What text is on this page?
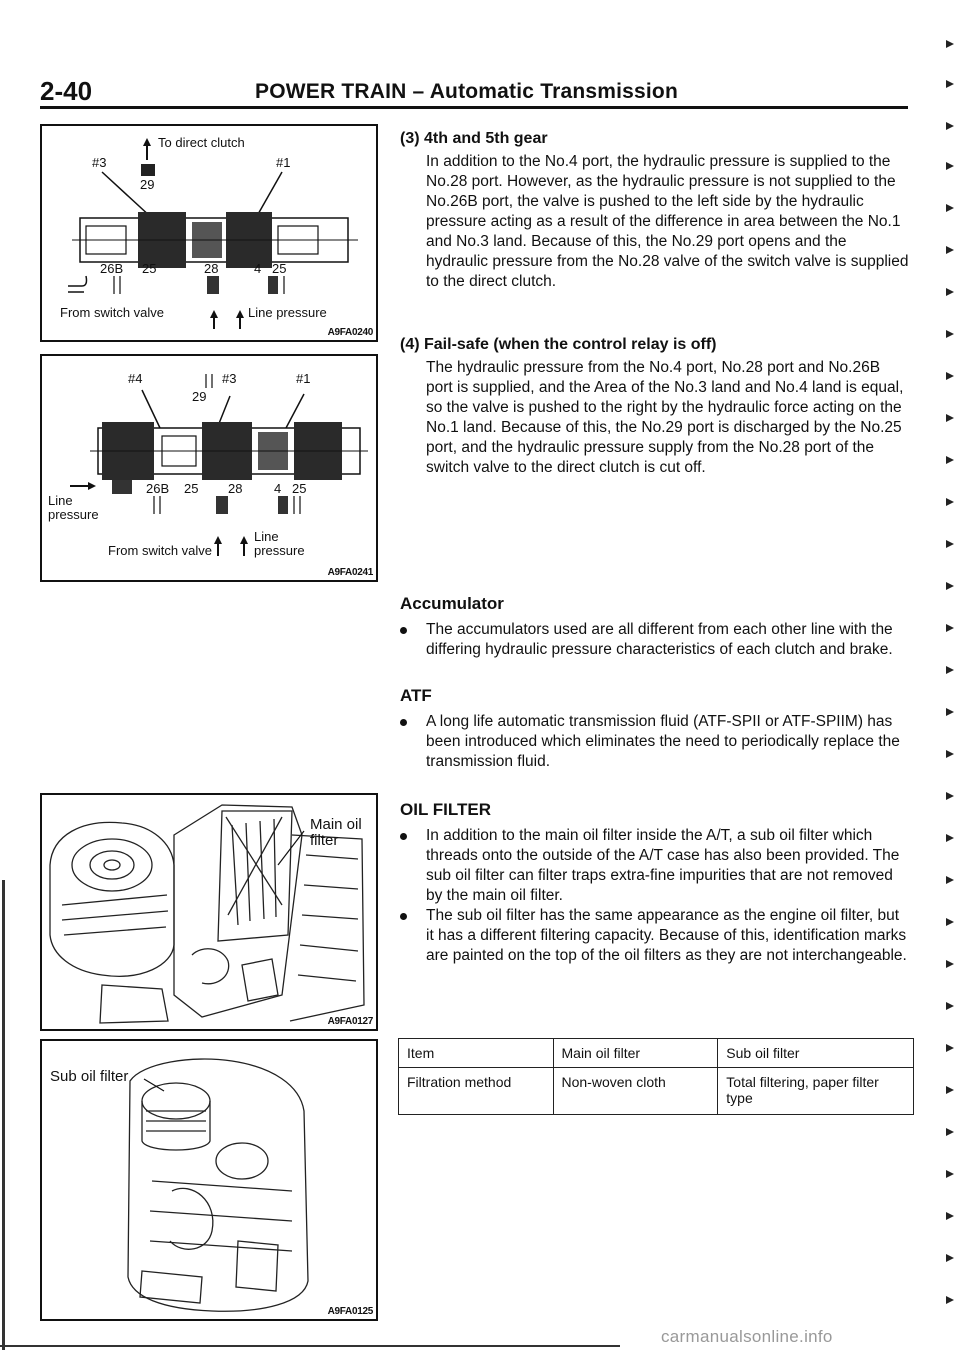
2-40	POWER TRAIN – Automatic Transmission
To direct clutch
#3	#1
29
26B 25	28	4 25
From switch valve	Line pressure
A9FA0240
#4	#3	#1
29
26B 25 28 4 25
Line
pressure
From switch valve
Line
pressure
A9FA0241
Main oil
filter
A9FA0127
Sub oil filter
A9FA0125

(3) 4th and 5th gear

In addition to the No.4 port, the hydraulic pressure is supplied to the No.28 port. However, as the hydraulic pressure is not supplied to the No.26B port, the valve is pushed to the left side by the hydraulic pressure acting as a result of the difference in area between the No.1 and No.3 land. Because of this, the No.29 port opens and the hydraulic pressure from the No.28 valve of the switch valve is supplied to the direct clutch.

(4) Fail-safe (when the control relay is off)

The hydraulic pressure from the No.4 port, No.28 port and No.26B port is supplied, and the Area of the No.3 land and No.4 land is equal, so the valve is pushed to the right by the hydraulic force acting on the No.1 land. Because of this, the No.29 port is discharged by the No.25 port, and the hydraulic pressure supply from the No.28 port of the switch valve to the direct clutch is cut off.

Accumulator

The accumulators used are all different from each other line with the differing hydraulic pressure characteristics of each clutch and brake.

ATF

A long life automatic transmission fluid (ATF-SPII or ATF-SPIIM) has been introduced which eliminates the need to periodically replace the transmission fluid.

OIL FILTER

In addition to the main oil filter inside the A/T, a sub oil filter which threads onto the outside of the A/T case has also been provided. The sub oil filter can filter traps extra-fine impurities that are not removed by the main oil filter.
The sub oil filter has the same appearance as the engine oil filter, but it has a different filtering capacity. Because of this, identification marks are painted on the top of the oil filters as they are not interchangeable.
Item	Main oil filter	Sub oil filter
Filtration method	Non-woven cloth	Total filtering, paper filter type
carmanualsonline.info
